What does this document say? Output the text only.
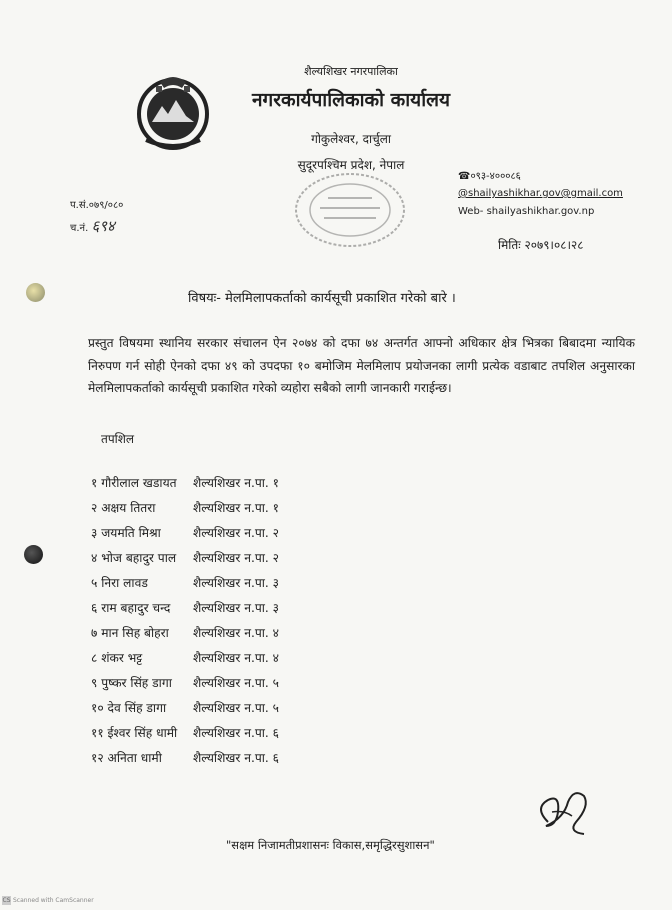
शैल्यशिखर नगरपालिका
नगरकार्यपालिकाको कार्यालय
गोकुलेश्वर, दार्चुला
सुदूरपश्चिम प्रदेश, नेपाल
☎०९३-४०००८६
@shailyashikhar.gov@gmail.com
Web- shailyashikhar.gov.np
प.सं.०७९/०८०
च.नं. ६९४
मितिः २०७९।०८।२८
विषयः- मेलमिलापकर्ताको कार्यसूची प्रकाशित गरेको बारे ।
प्रस्तुत विषयमा स्थानिय सरकार संचालन ऐन २०७४ को दफा ७४ अन्तर्गत आफ्नो अधिकार क्षेत्र भित्रका बिबादमा न्यायिक निरुपण गर्न सोही ऐनको दफा ४९ को उपदफा १० बमोजिम मेलमिलाप प्रयोजनका लागी प्रत्येक वडाबाट तपशिल अनुसारका मेलमिलापकर्ताको कार्यसूची प्रकाशित गरेको व्यहोरा सबैको लागी जानकारी गराईन्छ।
तपशिल
१ गौरीलाल खडायत शैल्यशिखर न.पा. १
२ अक्षय तितरा	शैल्यशिखर न.पा. १
३ जयमति मिश्रा	शैल्यशिखर न.पा. २
४ भोज बहादुर पाल शैल्यशिखर न.पा. २
५ निरा लावड	शैल्यशिखर न.पा. ३
६ राम बहादुर चन्द शैल्यशिखर न.पा. ३
७ मान सिह बोहरा शैल्यशिखर न.पा. ४
८ शंकर भट्ट	शैल्यशिखर न.पा. ४
९ पुष्कर सिंह डागा शैल्यशिखर न.पा. ५
१० देव सिंह डागा शैल्यशिखर न.पा. ५
११ ईश्वर सिंह धामी शैल्यशिखर न.पा. ६
१२ अनिता धामी	शैल्यशिखर न.पा. ६
"सक्षम निजामतीप्रशासनः विकास,समृद्धिरसुशासन"
CS Scanned with CamScanner
